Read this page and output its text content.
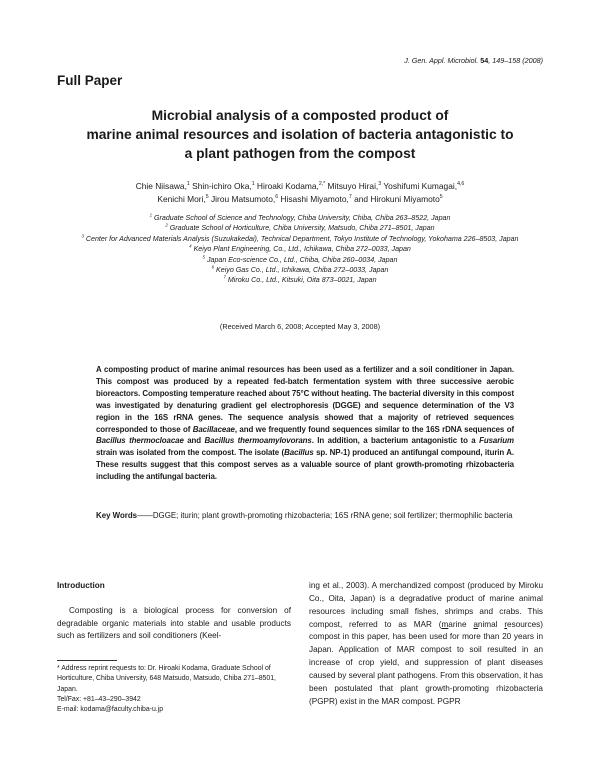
J. Gen. Appl. Microbiol. 54, 149–158 (2008)
Full Paper
Microbial analysis of a composted product of
marine animal resources and isolation of bacteria antagonistic to
a plant pathogen from the compost
Chie Niisawa,$^1$ Shin-ichiro Oka,$^1$ Hiroaki Kodama,$^{2,*}$ Mitsuyo Hirai,$^3$ Yoshifumi Kumagai,$^{4,6}$
Kenichi Mori,$^5$ Jirou Matsumoto,$^6$ Hisashi Miyamoto,$^7$ and Hirokuni Miyamoto$^5$
$^1$ Graduate School of Science and Technology, Chiba University, Chiba, Chiba 263–8522, Japan
$^2$ Graduate School of Horticulture, Chiba University, Matsudo, Chiba 271–8501, Japan
$^3$ Center for Advanced Materials Analysis (Suzukakedai), Technical Department, Tokyo Institute of Technology, Yokohama 226–8503, Japan
$^4$ Keiyo Plant Engineering, Co., Ltd., Ichikawa, Chiba 272–0033, Japan
$^5$ Japan Eco-science Co., Ltd., Chiba, Chiba 260–0034, Japan
$^6$ Keiyo Gas Co., Ltd., Ichikawa, Chiba 272–0033, Japan
$^7$ Miroku Co., Ltd., Kitsuki, Oita 873–0021, Japan
(Received March 6, 2008; Accepted May 3, 2008)
A composting product of marine animal resources has been used as a fertilizer and a soil conditioner in Japan. This compost was produced by a repeated fed-batch fermentation system with three successive aerobic bioreactors. Composting temperature reached about 75°C without heating. The bacterial diversity in this compost was investigated by denaturing gradient gel electrophoresis (DGGE) and sequence determination of the V3 region in the 16S rRNA genes. The sequence analysis showed that a majority of retrieved sequences corresponded to those of Bacillaceae, and we frequently found sequences similar to the 16S rDNA sequences of Bacillus thermocloacae and Bacillus thermoamylovorans. In addition, a bacterium antagonistic to a Fusarium strain was isolated from the compost. The isolate (Bacillus sp. NP-1) produced an antifungal compound, iturin A. These results suggest that this compost serves as a valuable source of plant growth-promoting rhizobacteria including the antifungal bacteria.
Key Words——DGGE; iturin; plant growth-promoting rhizobacteria; 16S rRNA gene; soil fertilizer; thermophilic bacteria
Introduction

Composting is a biological process for conversion of degradable organic materials into stable and usable products such as fertilizers and soil conditioners (Keel-

* Address reprint requests to: Dr. Hiroaki Kodama, Graduate School of Horticulture, Chiba University, 648 Matsudo, Matsudo, Chiba 271–8501, Japan.

Tel/Fax: +81–43–290–3942

E-mail: kodama@faculty.chiba-u.jp

ing et al., 2003). A merchandized compost (produced by Miroku Co., Oita, Japan) is a degradative product of marine animal resources including small fishes, shrimps and crabs. This compost, referred to as MAR (marine animal resources) compost in this paper, has been used for more than 20 years in Japan. Application of MAR compost to soil resulted in an increase of crop yield, and suppression of plant diseases caused by several plant pathogens. From this observation, it has been postulated that plant growth-promoting rhizobacteria (PGPR) exist in the MAR compost. PGPR
